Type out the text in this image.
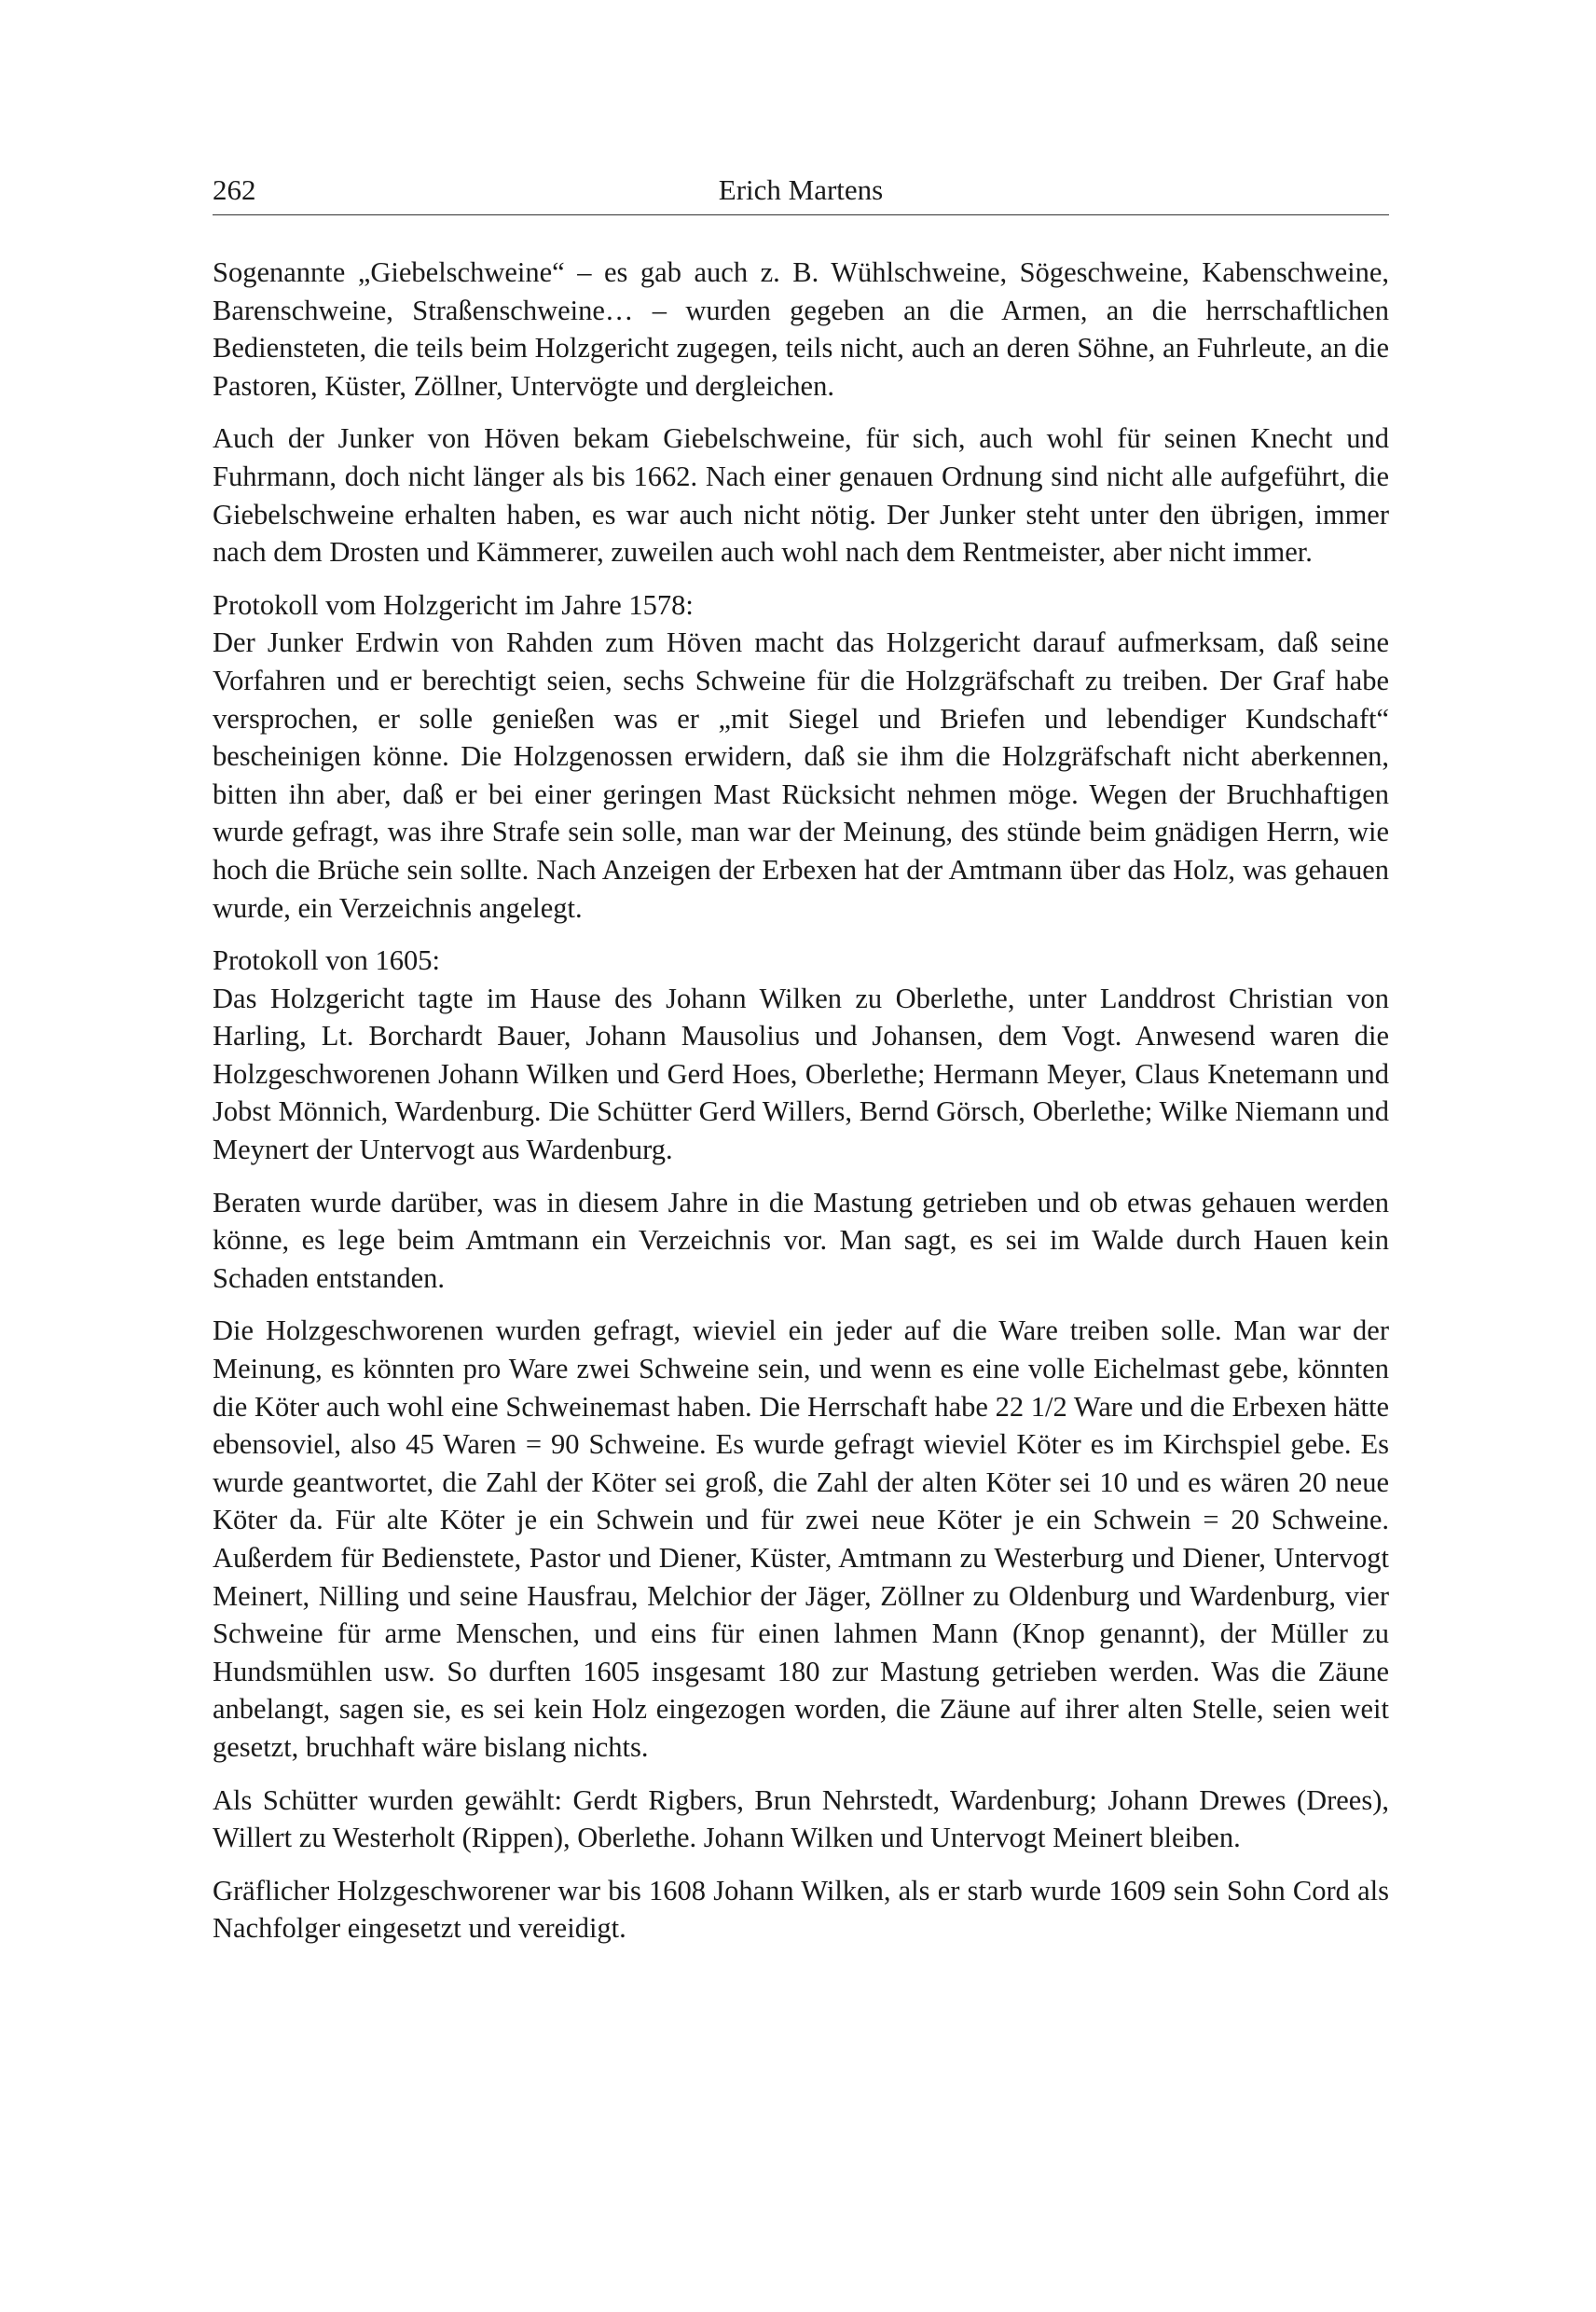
262	Erich Martens

Sogenannte „Giebelschweine“ – es gab auch z. B. Wühlschweine, Sögeschweine, Kabenschweine, Barenschweine, Straßenschweine… – wurden gegeben an die Armen, an die herrschaftlichen Bediensteten, die teils beim Holzgericht zugegen, teils nicht, auch an deren Söhne, an Fuhrleute, an die Pastoren, Küster, Zöllner, Untervögte und dergleichen.

Auch der Junker von Höven bekam Giebelschweine, für sich, auch wohl für seinen Knecht und Fuhrmann, doch nicht länger als bis 1662. Nach einer genauen Ordnung sind nicht alle aufgeführt, die Giebelschweine erhalten haben, es war auch nicht nötig. Der Junker steht unter den übrigen, immer nach dem Drosten und Kämmerer, zuweilen auch wohl nach dem Rentmeister, aber nicht immer.

Protokoll vom Holzgericht im Jahre 1578:

Der Junker Erdwin von Rahden zum Höven macht das Holzgericht darauf aufmerksam, daß seine Vorfahren und er berechtigt seien, sechs Schweine für die Holzgräfschaft zu treiben. Der Graf habe versprochen, er solle genießen was er „mit Siegel und Briefen und lebendiger Kundschaft“ bescheinigen könne. Die Holzgenossen erwidern, daß sie ihm die Holzgräfschaft nicht aberkennen, bitten ihn aber, daß er bei einer geringen Mast Rücksicht nehmen möge. Wegen der Bruchhaftigen wurde gefragt, was ihre Strafe sein solle, man war der Meinung, des stünde beim gnädigen Herrn, wie hoch die Brüche sein sollte. Nach Anzeigen der Erbexen hat der Amtmann über das Holz, was gehauen wurde, ein Verzeichnis angelegt.

Protokoll von 1605:

Das Holzgericht tagte im Hause des Johann Wilken zu Oberlethe, unter Landdrost Christian von Harling, Lt. Borchardt Bauer, Johann Mausolius und Johansen, dem Vogt. Anwesend waren die Holzgeschworenen Johann Wilken und Gerd Hoes, Oberlethe; Hermann Meyer, Claus Knetemann und Jobst Mönnich, Wardenburg. Die Schütter Gerd Willers, Bernd Görsch, Oberlethe; Wilke Niemann und Meynert der Untervogt aus Wardenburg.

Beraten wurde darüber, was in diesem Jahre in die Mastung getrieben und ob etwas gehauen werden könne, es lege beim Amtmann ein Verzeichnis vor. Man sagt, es sei im Walde durch Hauen kein Schaden entstanden.

Die Holzgeschworenen wurden gefragt, wieviel ein jeder auf die Ware treiben solle. Man war der Meinung, es könnten pro Ware zwei Schweine sein, und wenn es eine volle Eichelmast gebe, könnten die Köter auch wohl eine Schweinemast haben. Die Herrschaft habe 22 1/2 Ware und die Erbexen hätte ebensoviel, also 45 Waren = 90 Schweine. Es wurde gefragt wieviel Köter es im Kirchspiel gebe. Es wurde geantwortet, die Zahl der Köter sei groß, die Zahl der alten Köter sei 10 und es wären 20 neue Köter da. Für alte Köter je ein Schwein und für zwei neue Köter je ein Schwein = 20 Schweine. Außerdem für Bedienstete, Pastor und Diener, Küster, Amtmann zu Westerburg und Diener, Untervogt Meinert, Nilling und seine Hausfrau, Melchior der Jäger, Zöllner zu Oldenburg und Wardenburg, vier Schweine für arme Menschen, und eins für einen lahmen Mann (Knop genannt), der Müller zu Hundsmühlen usw. So durften 1605 insgesamt 180 zur Mastung getrieben werden. Was die Zäune anbelangt, sagen sie, es sei kein Holz eingezogen worden, die Zäune auf ihrer alten Stelle, seien weit gesetzt, bruchhaft wäre bislang nichts.

Als Schütter wurden gewählt: Gerdt Rigbers, Brun Nehrstedt, Wardenburg; Johann Drewes (Drees), Willert zu Westerholt (Rippen), Oberlethe. Johann Wilken und Untervogt Meinert bleiben.

Gräflicher Holzgeschworener war bis 1608 Johann Wilken, als er starb wurde 1609 sein Sohn Cord als Nachfolger eingesetzt und vereidigt.
